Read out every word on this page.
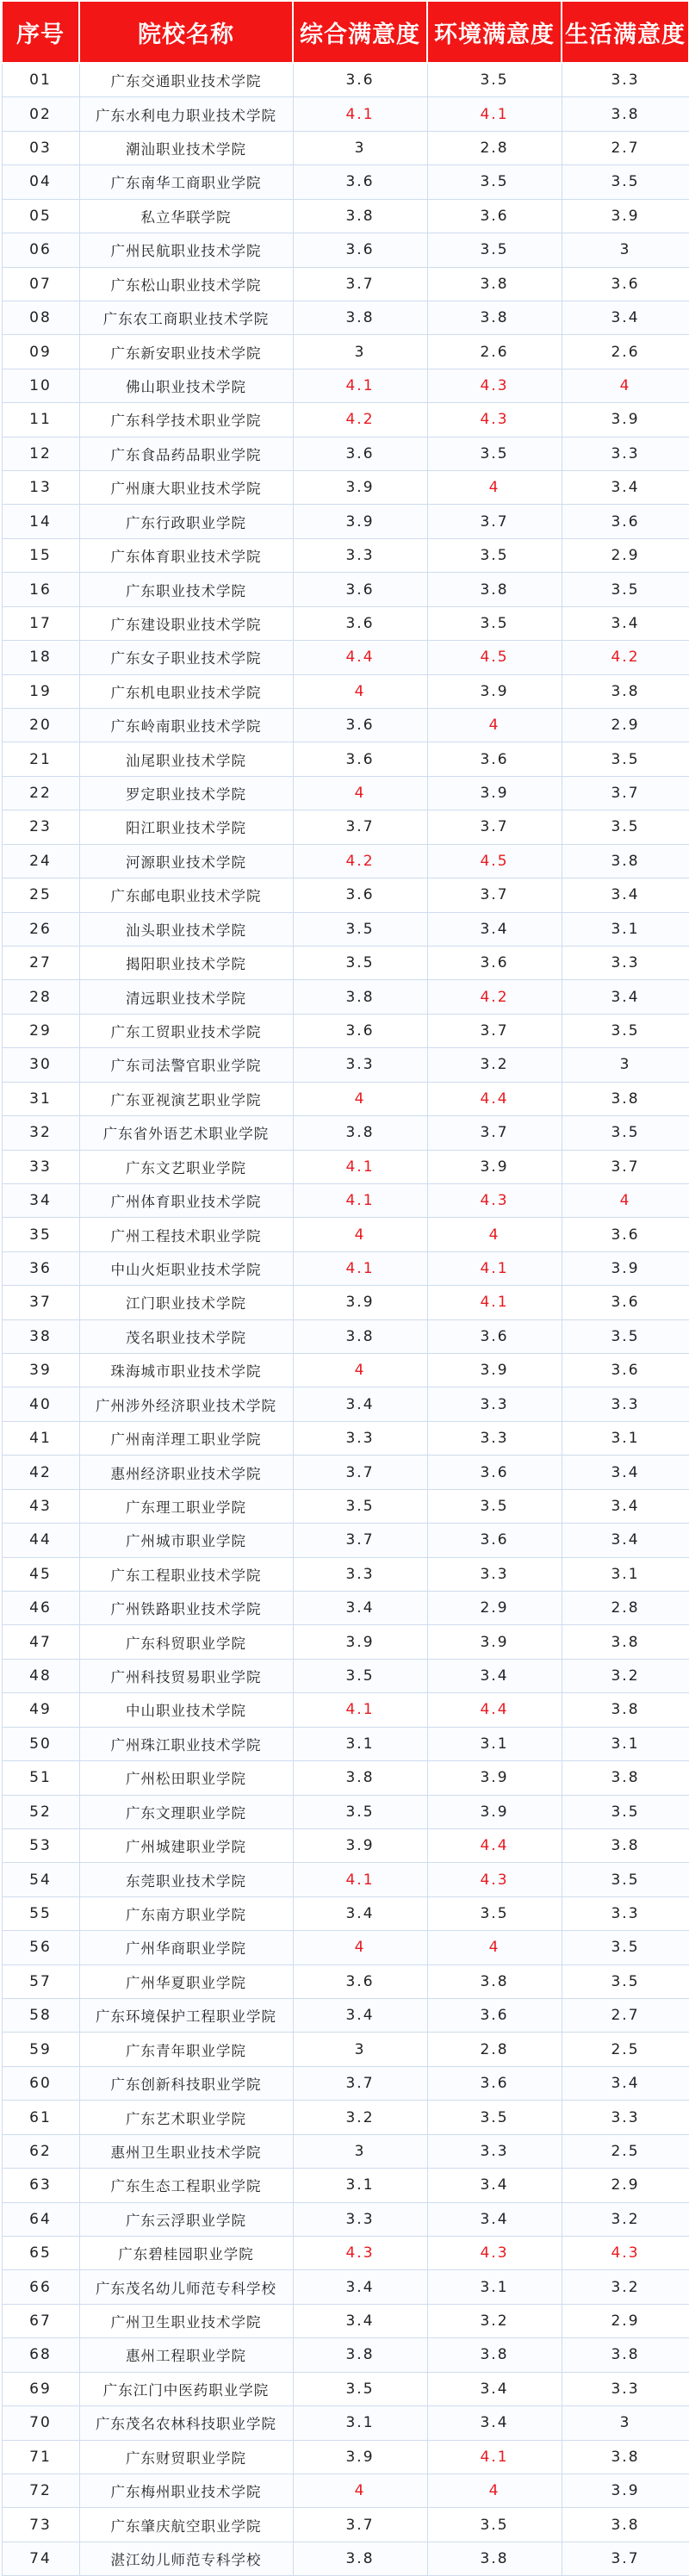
序号	院校名称	综合满意度	环境满意度	生活满意度
01	广东交通职业技术学院	3.6	3.5	3.3
02	广东水利电力职业技术学院	4.1	4.1	3.8
03	潮汕职业技术学院	3	2.8	2.7
04	广东南华工商职业学院	3.6	3.5	3.5
05	私立华联学院	3.8	3.6	3.9
06	广州民航职业技术学院	3.6	3.5	3
07	广东松山职业技术学院	3.7	3.8	3.6
08	广东农工商职业技术学院	3.8	3.8	3.4
09	广东新安职业技术学院	3	2.6	2.6
10	佛山职业技术学院	4.1	4.3	4
11	广东科学技术职业学院	4.2	4.3	3.9
12	广东食品药品职业学院	3.6	3.5	3.3
13	广州康大职业技术学院	3.9	4	3.4
14	广东行政职业学院	3.9	3.7	3.6
15	广东体育职业技术学院	3.3	3.5	2.9
16	广东职业技术学院	3.6	3.8	3.5
17	广东建设职业技术学院	3.6	3.5	3.4
18	广东女子职业技术学院	4.4	4.5	4.2
19	广东机电职业技术学院	4	3.9	3.8
20	广东岭南职业技术学院	3.6	4	2.9
21	汕尾职业技术学院	3.6	3.6	3.5
22	罗定职业技术学院	4	3.9	3.7
23	阳江职业技术学院	3.7	3.7	3.5
24	河源职业技术学院	4.2	4.5	3.8
25	广东邮电职业技术学院	3.6	3.7	3.4
26	汕头职业技术学院	3.5	3.4	3.1
27	揭阳职业技术学院	3.5	3.6	3.3
28	清远职业技术学院	3.8	4.2	3.4
29	广东工贸职业技术学院	3.6	3.7	3.5
30	广东司法警官职业学院	3.3	3.2	3
31	广东亚视演艺职业学院	4	4.4	3.8
32	广东省外语艺术职业学院	3.8	3.7	3.5
33	广东文艺职业学院	4.1	3.9	3.7
34	广州体育职业技术学院	4.1	4.3	4
35	广州工程技术职业学院	4	4	3.6
36	中山火炬职业技术学院	4.1	4.1	3.9
37	江门职业技术学院	3.9	4.1	3.6
38	茂名职业技术学院	3.8	3.6	3.5
39	珠海城市职业技术学院	4	3.9	3.6
40	广州涉外经济职业技术学院	3.4	3.3	3.3
41	广州南洋理工职业学院	3.3	3.3	3.1
42	惠州经济职业技术学院	3.7	3.6	3.4
43	广东理工职业学院	3.5	3.5	3.4
44	广州城市职业学院	3.7	3.6	3.4
45	广东工程职业技术学院	3.3	3.3	3.1
46	广州铁路职业技术学院	3.4	2.9	2.8
47	广东科贸职业学院	3.9	3.9	3.8
48	广州科技贸易职业学院	3.5	3.4	3.2
49	中山职业技术学院	4.1	4.4	3.8
50	广州珠江职业技术学院	3.1	3.1	3.1
51	广州松田职业学院	3.8	3.9	3.8
52	广东文理职业学院	3.5	3.9	3.5
53	广州城建职业学院	3.9	4.4	3.8
54	东莞职业技术学院	4.1	4.3	3.5
55	广东南方职业学院	3.4	3.5	3.3
56	广州华商职业学院	4	4	3.5
57	广州华夏职业学院	3.6	3.8	3.5
58	广东环境保护工程职业学院	3.4	3.6	2.7
59	广东青年职业学院	3	2.8	2.5
60	广东创新科技职业学院	3.7	3.6	3.4
61	广东艺术职业学院	3.2	3.5	3.3
62	惠州卫生职业技术学院	3	3.3	2.5
63	广东生态工程职业学院	3.1	3.4	2.9
64	广东云浮职业学院	3.3	3.4	3.2
65	广东碧桂园职业学院	4.3	4.3	4.3
66	广东茂名幼儿师范专科学校	3.4	3.1	3.2
67	广州卫生职业技术学院	3.4	3.2	2.9
68	惠州工程职业学院	3.8	3.8	3.8
69	广东江门中医药职业学院	3.5	3.4	3.3
70	广东茂名农林科技职业学院	3.1	3.4	3
71	广东财贸职业学院	3.9	4.1	3.8
72	广东梅州职业技术学院	4	4	3.9
73	广东肇庆航空职业学院	3.7	3.5	3.8
74	湛江幼儿师范专科学校	3.8	3.8	3.7
